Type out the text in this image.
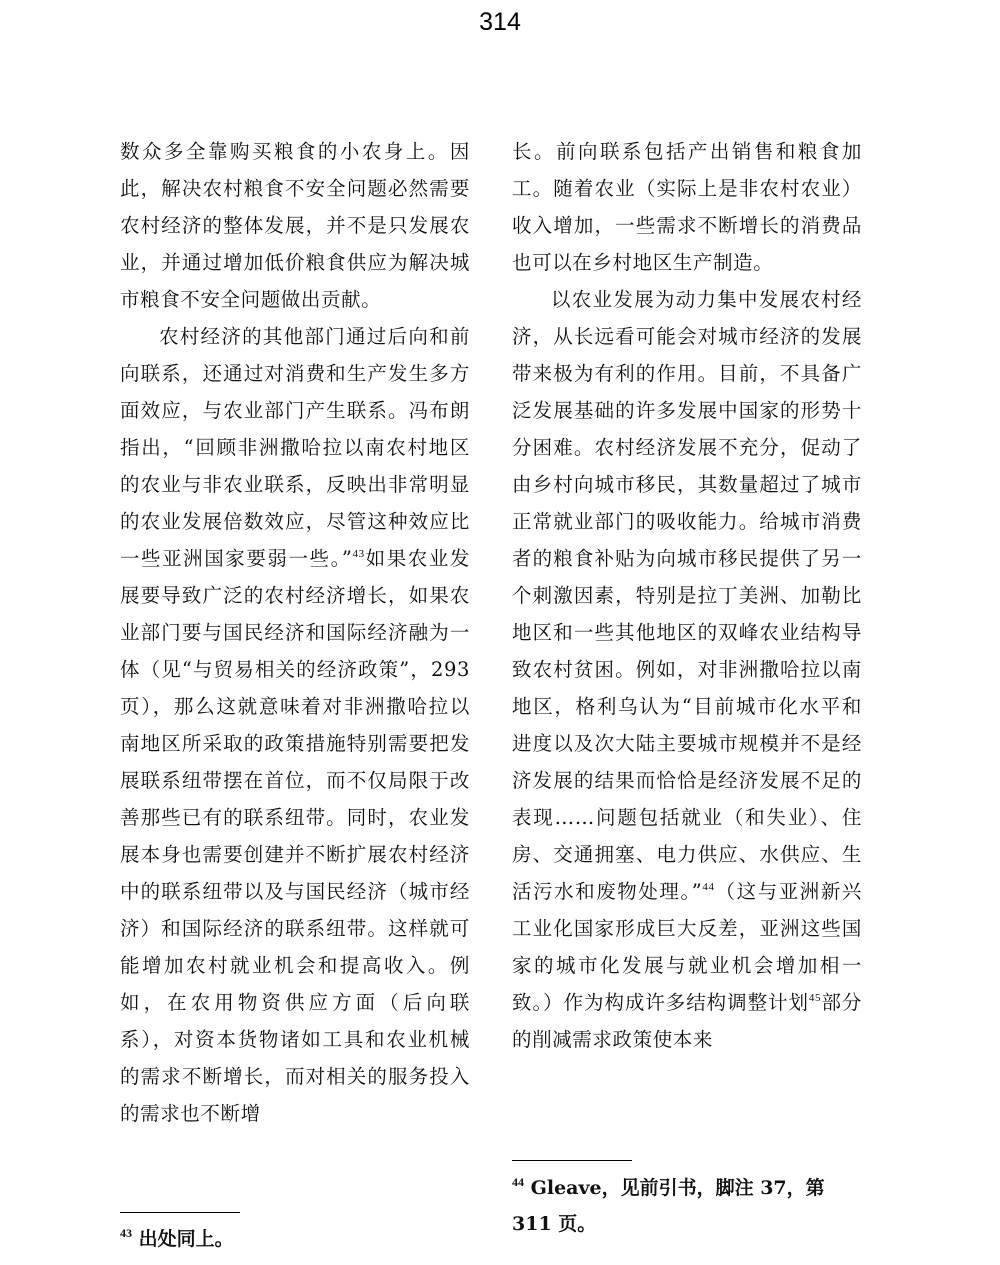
314

数众多全靠购买粮食的小农身上。因此，解决农村粮食不安全问题必然需要农村经济的整体发展，并不是只发展农业，并通过增加低价粮食供应为解决城市粮食不安全问题做出贡献。

农村经济的其他部门通过后向和前向联系，还通过对消费和生产发生多方面效应，与农业部门产生联系。冯布朗指出，“回顾非洲撒哈拉以南农村地区的农业与非农业联系，反映出非常明显的农业发展倍数效应，尽管这种效应比一些亚洲国家要弱一些。”$^{43}$如果农业发展要导致广泛的农村经济增长，如果农业部门要与国民经济和国际经济融为一体（见“与贸易相关的经济政策”，293页），那么这就意味着对非洲撒哈拉以南地区所采取的政策措施特别需要把发展联系纽带摆在首位，而不仅局限于改善那些已有的联系纽带。同时，农业发展本身也需要创建并不断扩展农村经济中的联系纽带以及与国民经济（城市经济）和国际经济的联系纽带。这样就可能增加农村就业机会和提高收入。例如，在农用物资供应方面（后向联系），对资本货物诸如工具和农业机械的需求不断增长，而对相关的服务投入的需求也不断增

长。前向联系包括产出销售和粮食加工。随着农业（实际上是非农村农业）收入增加，一些需求不断增长的消费品也可以在乡村地区生产制造。

以农业发展为动力集中发展农村经济，从长远看可能会对城市经济的发展带来极为有利的作用。目前，不具备广泛发展基础的许多发展中国家的形势十分困难。农村经济发展不充分，促动了由乡村向城市移民，其数量超过了城市正常就业部门的吸收能力。给城市消费者的粮食补贴为向城市移民提供了另一个刺激因素，特别是拉丁美洲、加勒比地区和一些其他地区的双峰农业结构导致农村贫困。例如，对非洲撒哈拉以南地区，格利乌认为“目前城市化水平和进度以及次大陆主要城市规模并不是经济发展的结果而恰恰是经济发展不足的表现……问题包括就业（和失业）、住房、交通拥塞、电力供应、水供应、生活污水和废物处理。”$^{44}$（这与亚洲新兴工业化国家形成巨大反差，亚洲这些国家的城市化发展与就业机会增加相一致。）作为构成许多结构调整计划$^{45}$部分的削减需求政策使本来

$^{43}$ 出处同上。
$^{44}$ Gleave，见前引书，脚注 37，第 311 页。
